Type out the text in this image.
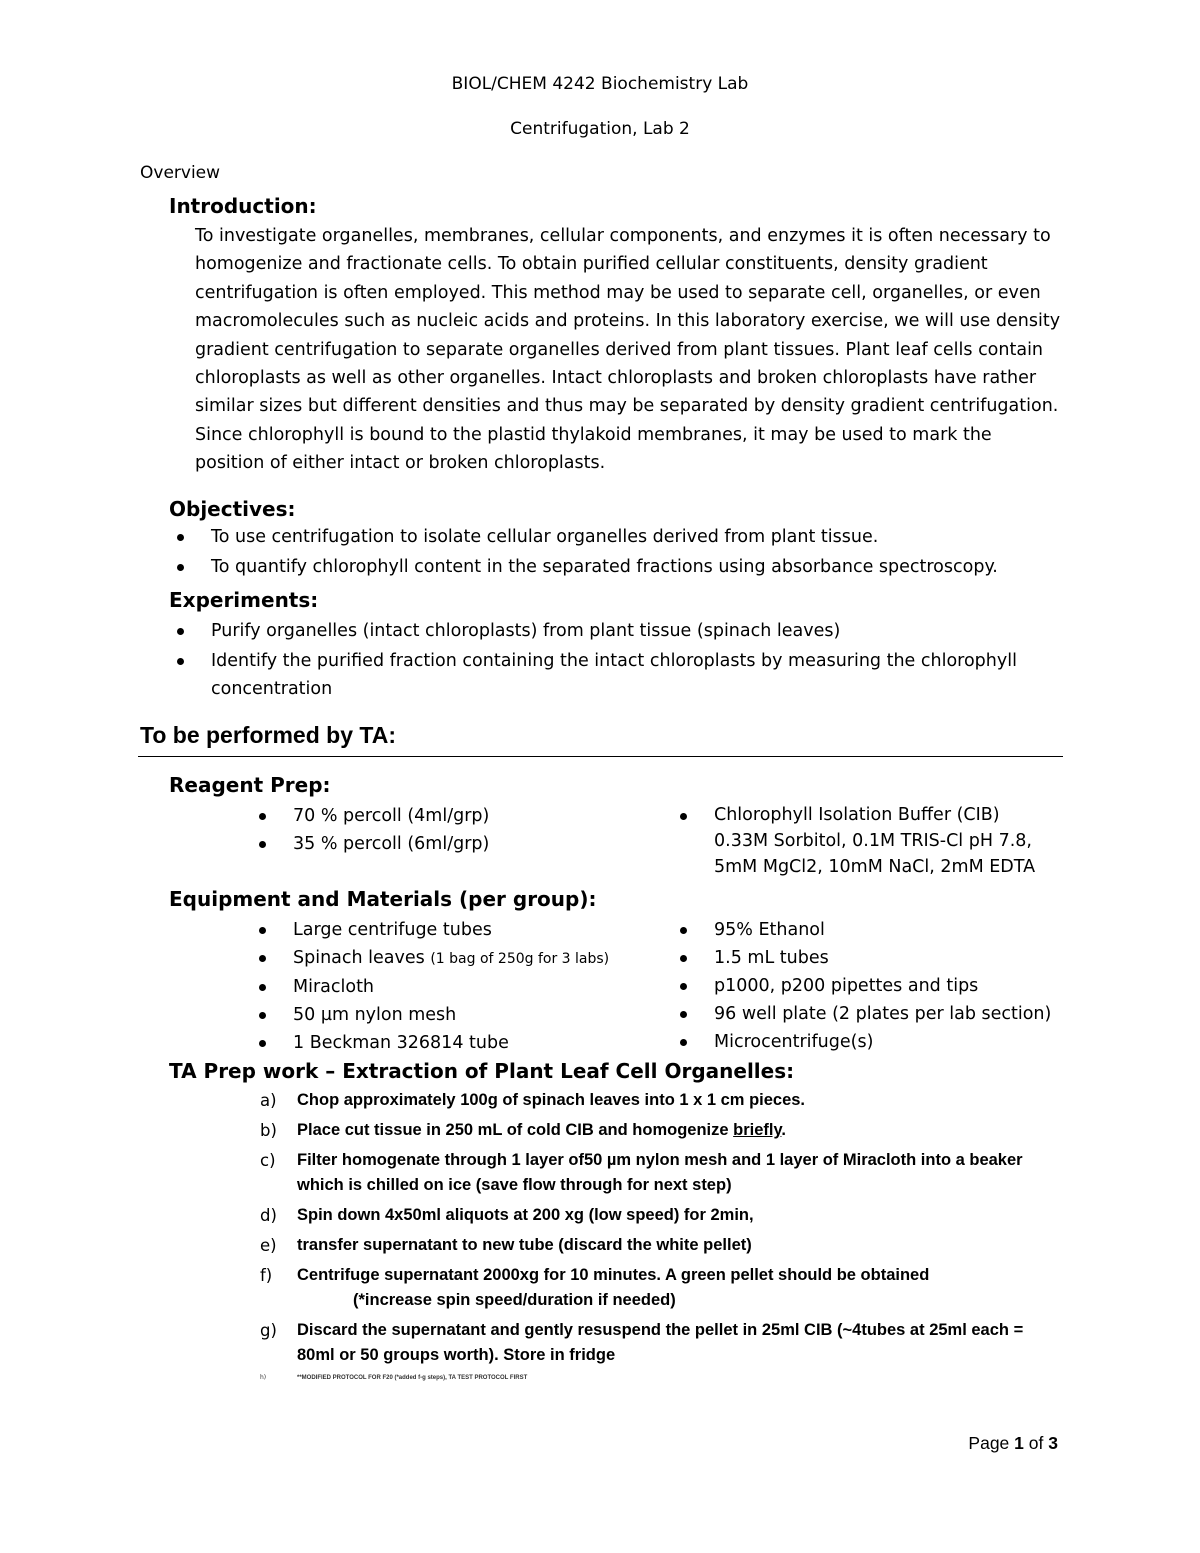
BIOL/CHEM 4242 Biochemistry Lab
Centrifugation, Lab 2
Overview
Introduction:
To investigate organelles, membranes, cellular components, and enzymes it is often necessary to
homogenize and fractionate cells. To obtain purified cellular constituents, density gradient
centrifugation is often employed. This method may be used to separate cell, organelles, or even
macromolecules such as nucleic acids and proteins. In this laboratory exercise, we will use density
gradient centrifugation to separate organelles derived from plant tissues. Plant leaf cells contain
chloroplasts as well as other organelles. Intact chloroplasts and broken chloroplasts have rather
similar sizes but different densities and thus may be separated by density gradient centrifugation.
Since chlorophyll is bound to the plastid thylakoid membranes, it may be used to mark the
position of either intact or broken chloroplasts.
Objectives:
To use centrifugation to isolate cellular organelles derived from plant tissue.
To quantify chlorophyll content in the separated fractions using absorbance spectroscopy.
Experiments:
Purify organelles (intact chloroplasts) from plant tissue (spinach leaves)
Identify the purified fraction containing the intact chloroplasts by measuring the chlorophyll
concentration
To be performed by TA:
Reagent Prep:
70 % percoll (4ml/grp)
35 % percoll (6ml/grp)
Chlorophyll Isolation Buffer (CIB)
0.33M Sorbitol, 0.1M TRIS-Cl pH 7.8,
5mM MgCl2, 10mM NaCl, 2mM EDTA
Equipment and Materials (per group):
Large centrifuge tubes
Spinach leaves (1 bag of 250g for 3 labs)
Miracloth
50 µm nylon mesh
1 Beckman 326814 tube
95% Ethanol
1.5 mL tubes
p1000, p200 pipettes and tips
96 well plate (2 plates per lab section)
Microcentrifuge(s)
TA Prep work – Extraction of Plant Leaf Cell Organelles:
a) Chop approximately 100g of spinach leaves into 1 x 1 cm pieces.
b) Place cut tissue in 250 mL of cold CIB and homogenize briefly.
c) Filter homogenate through 1 layer of50 µm nylon mesh and 1 layer of Miracloth into a beaker
which is chilled on ice (save flow through for next step)
d) Spin down 4x50ml aliquots at 200 xg (low speed) for 2min,
e) transfer supernatant to new tube (discard the white pellet)
f) Centrifuge supernatant 2000xg for 10 minutes. A green pellet should be obtained
(*increase spin speed/duration if needed)
g) Discard the supernatant and gently resuspend the pellet in 25ml CIB (~4tubes at 25ml each =
80ml or 50 groups worth). Store in fridge
h)	**MODIFIED PROTOCOL FOR F20 (*added f-g steps), TA TEST PROTOCOL FIRST
Page 1 of 3
